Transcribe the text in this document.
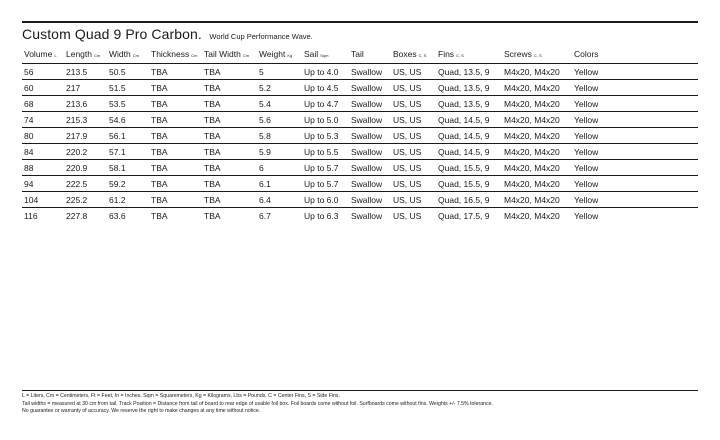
Custom Quad 9 Pro Carbon. World Cup Performance Wave.
Volume L	Length Cm	Width Cm	Thickness Cm	Tail Width Cm	Weight Kg	Sail Sqm	Tail	Boxes C, S	Fins C, S	Screws C, S	Colors
56	213.5	50.5	TBA	TBA	5	Up to 4.0	Swallow	US, US	Quad, 13.5, 9	M4x20, M4x20	Yellow
60	217	51.5	TBA	TBA	5.2	Up to 4.5	Swallow	US, US	Quad, 13.5, 9	M4x20, M4x20	Yellow
68	213.6	53.5	TBA	TBA	5.4	Up to 4.7	Swallow	US, US	Quad, 13.5, 9	M4x20, M4x20	Yellow
74	215.3	54.6	TBA	TBA	5.6	Up to 5.0	Swallow	US, US	Quad, 14.5, 9	M4x20, M4x20	Yellow
80	217.9	56.1	TBA	TBA	5.8	Up to 5.3	Swallow	US, US	Quad, 14.5, 9	M4x20, M4x20	Yellow
84	220.2	57.1	TBA	TBA	5.9	Up to 5.5	Swallow	US, US	Quad, 14.5, 9	M4x20, M4x20	Yellow
88	220.9	58.1	TBA	TBA	6	Up to 5.7	Swallow	US, US	Quad, 15.5, 9	M4x20, M4x20	Yellow
94	222.5	59.2	TBA	TBA	6.1	Up to 5.7	Swallow	US, US	Quad, 15.5, 9	M4x20, M4x20	Yellow
104	225.2	61.2	TBA	TBA	6.4	Up to 6.0	Swallow	US, US	Quad, 16.5, 9	M4x20, M4x20	Yellow
116	227.8	63.6	TBA	TBA	6.7	Up to 6.3	Swallow	US, US	Quad, 17.5, 9	M4x20, M4x20	Yellow
L = Liters, Cm = Centimeters, Ft = Feet, In = Inches, Sqm = Squaremeters, Kg = Kilograms, Lbs = Pounds, C = Center Fins, S = Side Fins.
Tail widths = measured at 30 cm from tail. Track Position = Distance from tail of board to rear edge of usable foil box. Foil boards come without foil. Surfboards come without fins. Weights +/- 7.5% tolerance.
No guarantee or warranty of accuracy. We reserve the right to make changes at any time without notice.
